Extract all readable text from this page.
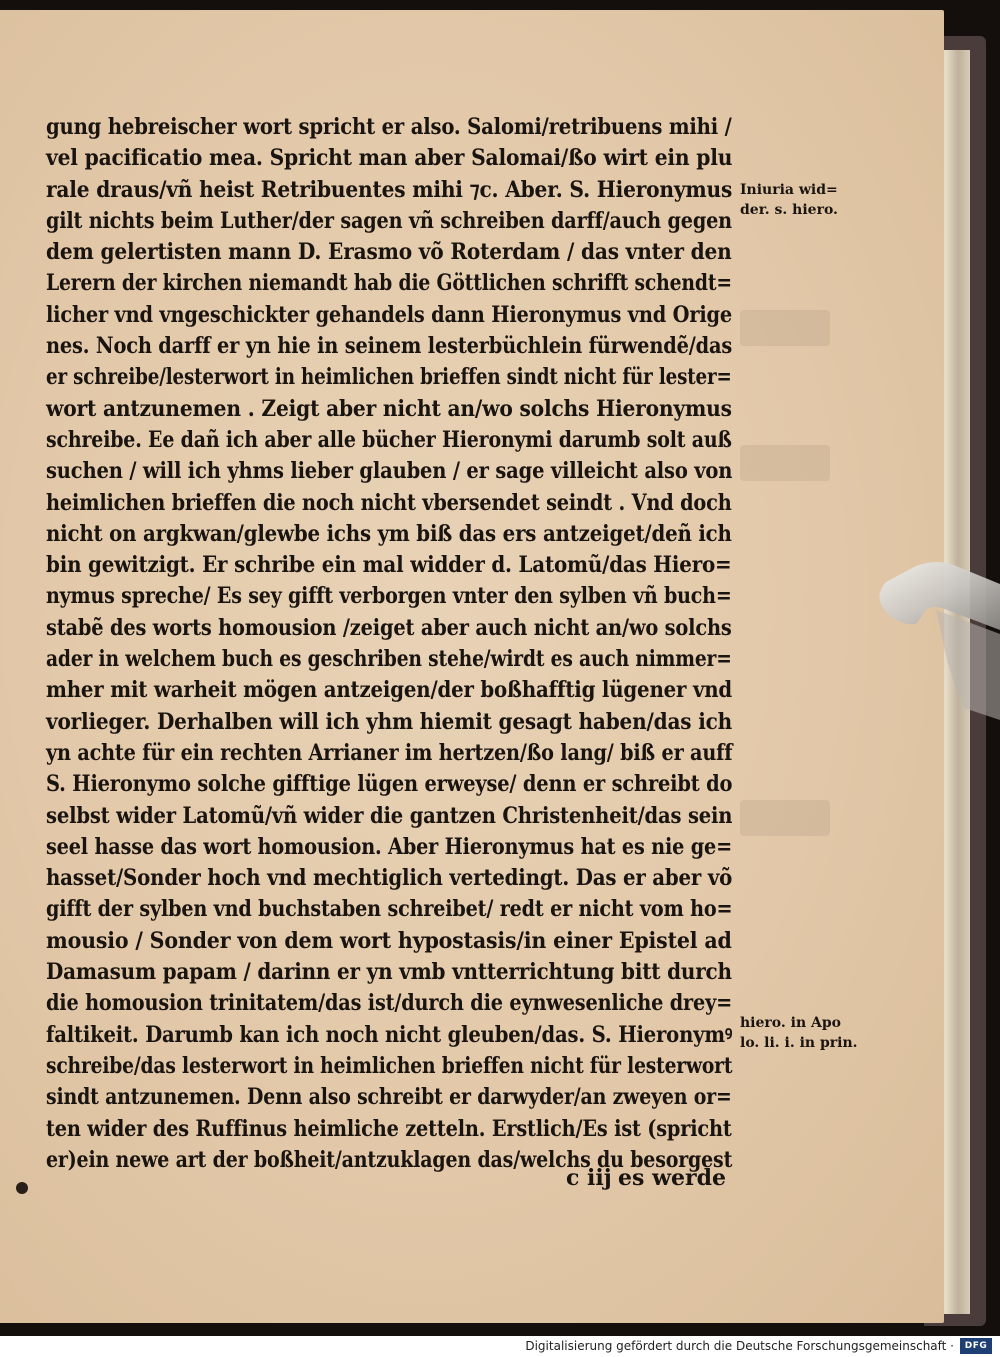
gung hebreischer wort spricht er also. Salomi/retribuens mihi /
vel pacificatio mea. Spricht man aber Salomai/ßo wirt ein plu
rale draus/vñ heist Retribuentes mihi ⁊c. Aber. S. Hieronymus
gilt nichts beim Luther/der sagen vñ schreiben darff/auch gegen
dem gelertisten mann D. Erasmo võ Roterdam / das vnter den
Lerern der kirchen niemandt hab die Göttlichen schrifft schendt=
licher vnd vngeschickter gehandels dann Hieronymus vnd Orige
nes. Noch darff er yn hie in seinem lesterbüchlein fürwendẽ/das
er schreibe/lesterwort in heimlichen brieffen sindt nicht für lester=
wort antzunemen . Zeigt aber nicht an/wo solchs Hieronymus
schreibe. Ee dañ ich aber alle bücher Hieronymi darumb solt auß
suchen / will ich yhms lieber glauben / er sage villeicht also von
heimlichen brieffen die noch nicht vbersendet seindt . Vnd doch
nicht on argkwan/glewbe ichs ym biß das ers antzeiget/deñ ich
bin gewitzigt. Er schribe ein mal widder d. Latomũ/das Hiero=
nymus spreche/ Es sey gifft verborgen vnter den sylben vñ buch=
stabẽ des worts homousion /zeiget aber auch nicht an/wo solchs
ader in welchem buch es geschriben stehe/wirdt es auch nimmer=
mher mit warheit mögen antzeigen/der boßhafftig lügener vnd
vorlieger. Derhalben will ich yhm hiemit gesagt haben/das ich
yn achte für ein rechten Arrianer im hertzen/ßo lang/ biß er auff
S. Hieronymo solche gifftige lügen erweyse/ denn er schreibt do
selbst wider Latomũ/vñ wider die gantzen Christenheit/das sein
seel hasse das wort homousion. Aber Hieronymus hat es nie ge=
hasset/Sonder hoch vnd mechtiglich vertedingt. Das er aber võ
gifft der sylben vnd buchstaben schreibet/ redt er nicht vom ho=
mousio / Sonder von dem wort hypostasis/in einer Epistel ad
Damasum papam / darinn er yn vmb vntterrichtung bitt durch
die homousion trinitatem/das ist/durch die eynwesenliche drey=
faltikeit. Darumb kan ich noch nicht gleuben/das. S. Hieronymꝰ
schreibe/das lesterwort in heimlichen brieffen nicht für lesterwort
sindt antzunemen. Denn also schreibt er darwyder/an zweyen or=
ten wider des Ruffinus heimliche zetteln. Erstlich/Es ist (spricht
er)ein newe art der boßheit/antzuklagen das/welchs du besorgest
c iij es werde
Iniuria wid=
der. s. hiero.
hiero. in Apo
lo. li. i. in prin.
Digitalisierung gefördert durch die Deutsche Forschungsgemeinschaft ·	DFG
